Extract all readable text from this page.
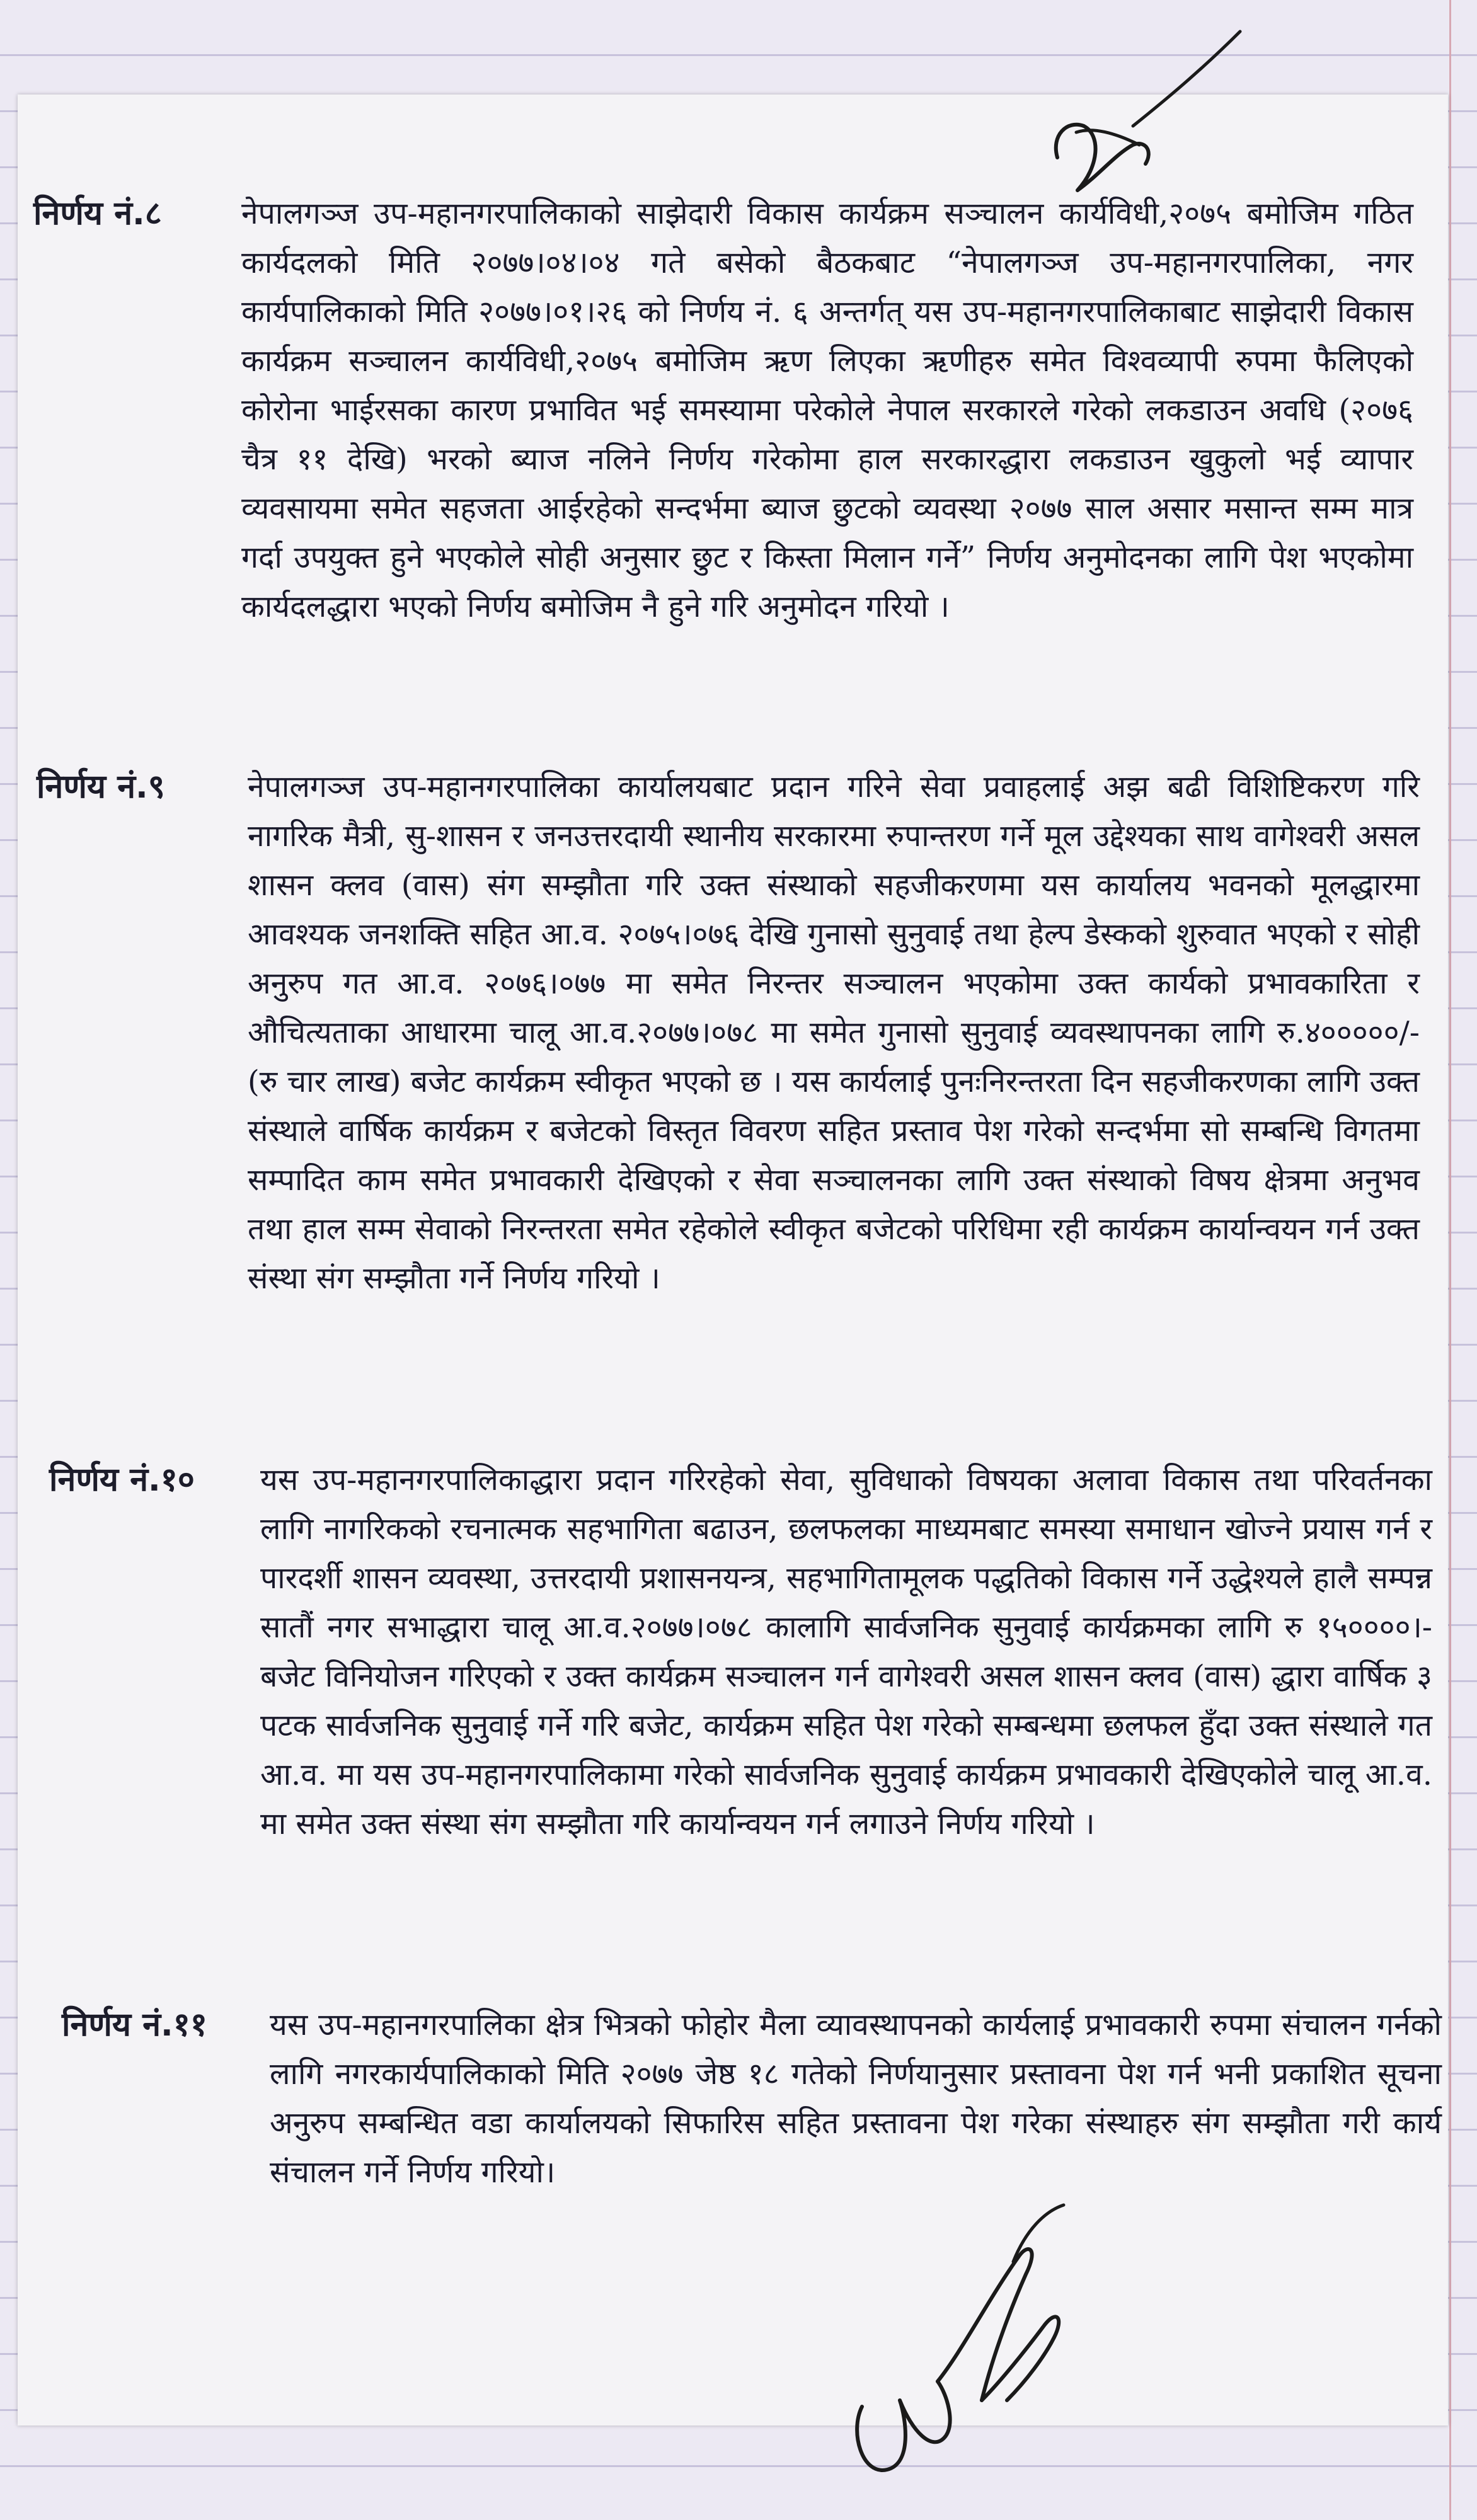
निर्णय नं.८	नेपालगञ्ज उप-महानगरपालिकाको साझेदारी विकास कार्यक्रम सञ्चालन कार्यविधी,२०७५ बमोजिम गठित कार्यदलको मिति २०७७।०४।०४ गते बसेको बैठकबाट “नेपालगञ्ज उप-महानगरपालिका, नगर कार्यपालिकाको मिति २०७७।०१।२६ को निर्णय नं. ६ अन्तर्गत् यस उप-महानगरपालिकाबाट साझेदारी विकास कार्यक्रम सञ्चालन कार्यविधी,२०७५ बमोजिम ऋण लिएका ऋणीहरु समेत विश्वव्यापी रुपमा फैलिएको कोरोना भाईरसका कारण प्रभावित भई समस्यामा परेकोले नेपाल सरकारले गरेको लकडाउन अवधि (२०७६ चैत्र ११ देखि) भरको ब्याज नलिने निर्णय गरेकोमा हाल सरकारद्धारा लकडाउन खुकुलो भई व्यापार व्यवसायमा समेत सहजता आईरहेको सन्दर्भमा ब्याज छुटको व्यवस्था २०७७ साल असार मसान्त सम्म मात्र गर्दा उपयुक्त हुने भएकोले सोही अनुसार छुट र किस्ता मिलान गर्ने” निर्णय अनुमोदनका लागि पेश भएकोमा कार्यदलद्धारा भएको निर्णय बमोजिम नै हुने गरि अनुमोदन गरियो ।
निर्णय नं.९	नेपालगञ्ज उप-महानगरपालिका कार्यालयबाट प्रदान गरिने सेवा प्रवाहलाई अझ बढी विशिष्टिकरण गरि नागरिक मैत्री, सु-शासन र जनउत्तरदायी स्थानीय सरकारमा रुपान्तरण गर्ने मूल उद्देश्यका साथ वागेश्वरी असल शासन क्लव (वास) संग सम्झौता गरि उक्त संस्थाको सहजीकरणमा यस कार्यालय भवनको मूलद्धारमा आवश्यक जनशक्ति सहित आ.व. २०७५।०७६ देखि गुनासो सुनुवाई तथा हेल्प डेस्कको शुरुवात भएको र सोही अनुरुप गत आ.व. २०७६।०७७ मा समेत निरन्तर सञ्चालन भएकोमा उक्त कार्यको प्रभावकारिता र औचित्यताका आधारमा चालू आ.व.२०७७।०७८ मा समेत गुनासो सुनुवाई व्यवस्थापनका लागि रु.४०००००/- (रु चार लाख) बजेट कार्यक्रम स्वीकृत भएको छ । यस कार्यलाई पुनःनिरन्तरता दिन सहजीकरणका लागि उक्त संस्थाले वार्षिक कार्यक्रम र बजेटको विस्तृत विवरण सहित प्रस्ताव पेश गरेको सन्दर्भमा सो सम्बन्धि विगतमा सम्पादित काम समेत प्रभावकारी देखिएको र सेवा सञ्चालनका लागि उक्त संस्थाको विषय क्षेत्रमा अनुभव तथा हाल सम्म सेवाको निरन्तरता समेत रहेकोले स्वीकृत बजेटको परिधिमा रही कार्यक्रम कार्यान्वयन गर्न उक्त संस्था संग सम्झौता गर्ने निर्णय गरियो ।
निर्णय नं.१० यस उप-महानगरपालिकाद्धारा प्रदान गरिरहेको सेवा, सुविधाको विषयका अलावा विकास तथा परिवर्तनका लागि नागरिकको रचनात्मक सहभागिता बढाउन, छलफलका माध्यमबाट समस्या समाधान खोज्ने प्रयास गर्न र पारदर्शी शासन व्यवस्था, उत्तरदायी प्रशासनयन्त्र, सहभागितामूलक पद्धतिको विकास गर्ने उद्धेश्यले हालै सम्पन्न सातौं नगर सभाद्धारा चालू आ.व.२०७७।०७८ कालागि सार्वजनिक सुनुवाई कार्यक्रमका लागि रु १५००००।- बजेट विनियोजन गरिएको र उक्त कार्यक्रम सञ्चालन गर्न वागेश्वरी असल शासन क्लव (वास) द्धारा वार्षिक ३ पटक सार्वजनिक सुनुवाई गर्ने गरि बजेट, कार्यक्रम सहित पेश गरेको सम्बन्धमा छलफल हुँदा उक्त संस्थाले गत आ.व. मा यस उप-महानगरपालिकामा गरेको सार्वजनिक सुनुवाई कार्यक्रम प्रभावकारी देखिएकोले चालू आ.व. मा समेत उक्त संस्था संग सम्झौता गरि कार्यान्वयन गर्न लगाउने निर्णय गरियो ।
निर्णय नं.११ यस उप-महानगरपालिका क्षेत्र भित्रको फोहोर मैला व्यावस्थापनको कार्यलाई प्रभावकारी रुपमा संचालन गर्नको लागि नगरकार्यपालिकाको मिति २०७७ जेष्ठ १८ गतेको निर्णयानुसार प्रस्तावना पेश गर्न भनी प्रकाशित सूचना अनुरुप सम्बन्धित वडा कार्यालयको सिफारिस सहित प्रस्तावना पेश गरेका संस्थाहरु संग सम्झौता गरी कार्य संचालन गर्ने निर्णय गरियो।
